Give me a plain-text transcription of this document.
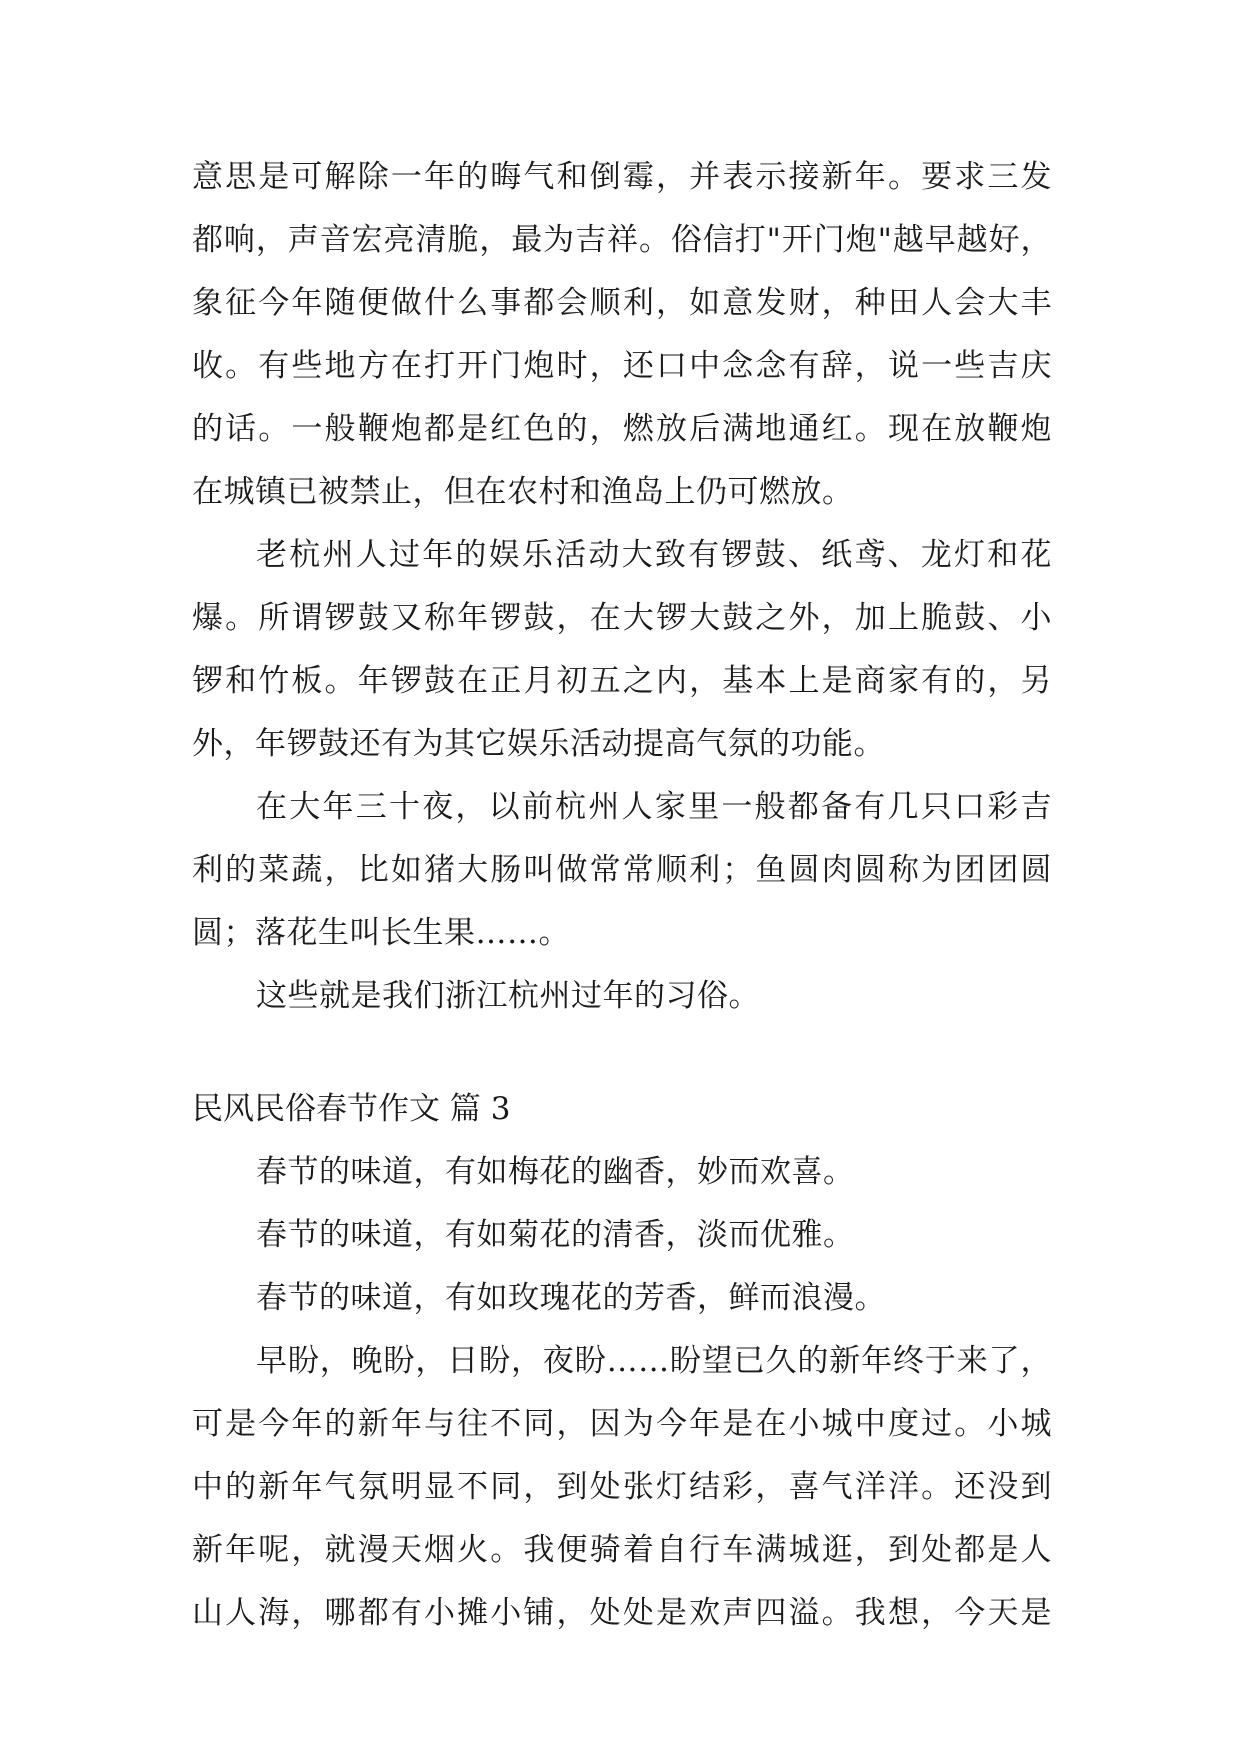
意思是可解除一年的晦气和倒霉，并表示接新年。要求三发
都响，声音宏亮清脆，最为吉祥。俗信打"开门炮"越早越好，
象征今年随便做什么事都会顺利，如意发财，种田人会大丰
收。有些地方在打开门炮时，还口中念念有辞，说一些吉庆
的话。一般鞭炮都是红色的，燃放后满地通红。现在放鞭炮
在城镇已被禁止，但在农村和渔岛上仍可燃放。
老杭州人过年的娱乐活动大致有锣鼓、纸鸢、龙灯和花
爆。所谓锣鼓又称年锣鼓，在大锣大鼓之外，加上脆鼓、小
锣和竹板。年锣鼓在正月初五之内，基本上是商家有的，另
外，年锣鼓还有为其它娱乐活动提高气氛的功能。
在大年三十夜，以前杭州人家里一般都备有几只口彩吉
利的菜蔬，比如猪大肠叫做常常顺利；鱼圆肉圆称为团团圆
圆；落花生叫长生果……。
这些就是我们浙江杭州过年的习俗。
民风民俗春节作文 篇 3
春节的味道，有如梅花的幽香，妙而欢喜。
春节的味道，有如菊花的清香，淡而优雅。
春节的味道，有如玫瑰花的芳香，鲜而浪漫。
早盼，晚盼，日盼，夜盼……盼望已久的新年终于来了，
可是今年的新年与往不同，因为今年是在小城中度过。小城
中的新年气氛明显不同，到处张灯结彩，喜气洋洋。还没到
新年呢，就漫天烟火。我便骑着自行车满城逛，到处都是人
山人海，哪都有小摊小铺，处处是欢声四溢。我想，今天是
